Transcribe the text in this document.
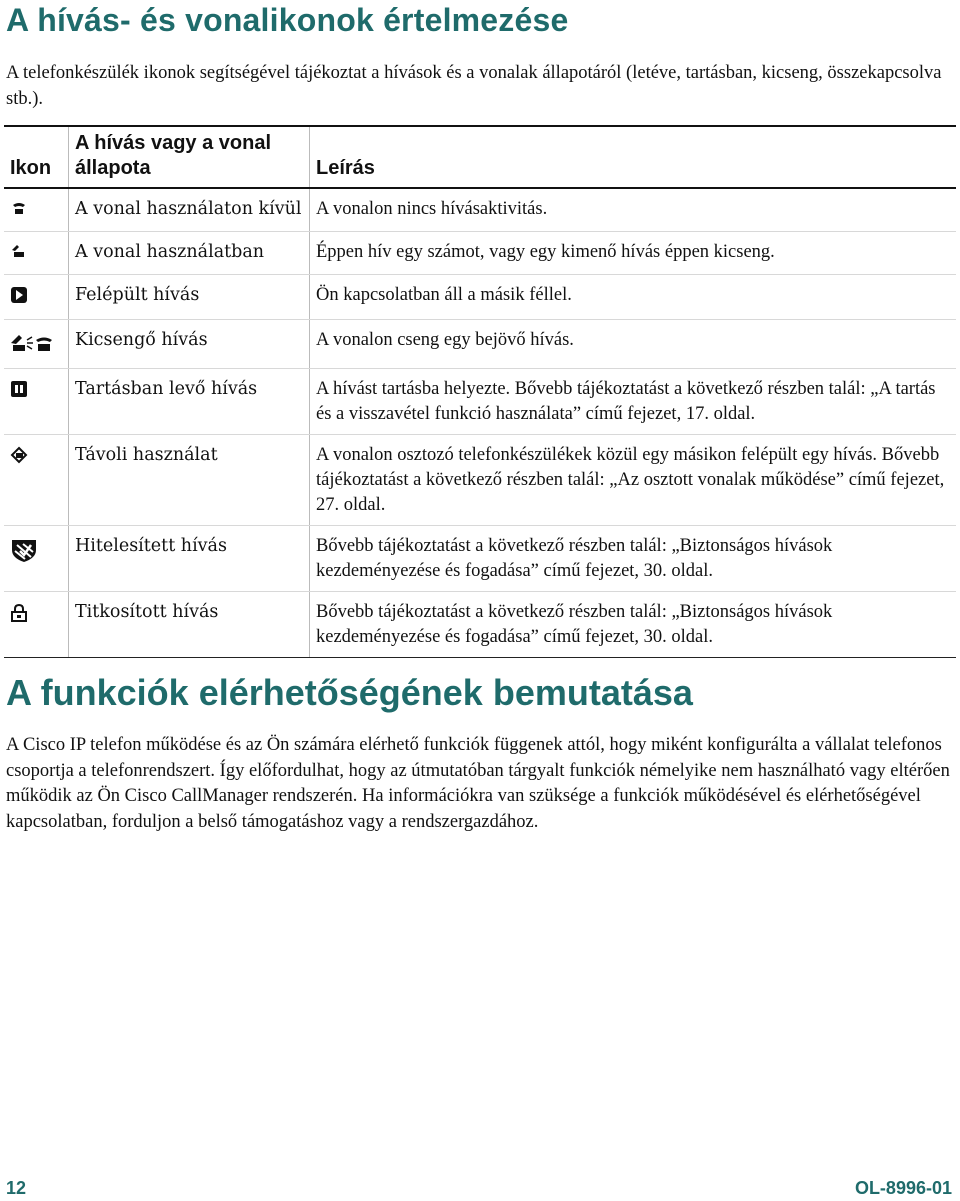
A hívás- és vonalikonok értelmezése

A telefonkészülék ikonok segítségével tájékoztat a hívások és a vonalak állapotáról (letéve, tartásban, kicseng, összekapcsolva stb.).

Ikon	A hívás vagy a vonal állapota	Leírás
	A vonal használaton kívül	A vonalon nincs hívásaktivitás.
	A vonal használatban	Éppen hív egy számot, vagy egy kimenő hívás éppen kicseng.
	Felépült hívás	Ön kapcsolatban áll a másik féllel.
	Kicsengő hívás	A vonalon cseng egy bejövő hívás.
	Tartásban levő hívás	A hívást tartásba helyezte. Bővebb tájékoztatást a következő részben talál: „A tartás és a visszavétel funkció használata” című fejezet, 17. oldal.
	Távoli használat	A vonalon osztozó telefonkészülékek közül egy másikon felépült egy hívás. Bővebb tájékoztatást a következő részben talál: „Az osztott vonalak működése” című fejezet, 27. oldal.
	Hitelesített hívás	Bővebb tájékoztatást a következő részben talál: „Biztonságos hívások kezdeményezése és fogadása” című fejezet, 30. oldal.
	Titkosított hívás	Bővebb tájékoztatást a következő részben talál: „Biztonságos hívások kezdeményezése és fogadása” című fejezet, 30. oldal.
A funkciók elérhetőségének bemutatása

A Cisco IP telefon működése és az Ön számára elérhető funkciók függenek attól, hogy miként konfigurálta a vállalat telefonos csoportja a telefonrendszert. Így előfordulhat, hogy az útmutatóban tárgyalt funkciók némelyike nem használható vagy eltérően működik az Ön Cisco CallManager rendszerén. Ha információkra van szüksége a funkciók működésével és elérhetőségével kapcsolatban, forduljon a belső támogatáshoz vagy a rendszergazdához.

12	OL-8996-01
